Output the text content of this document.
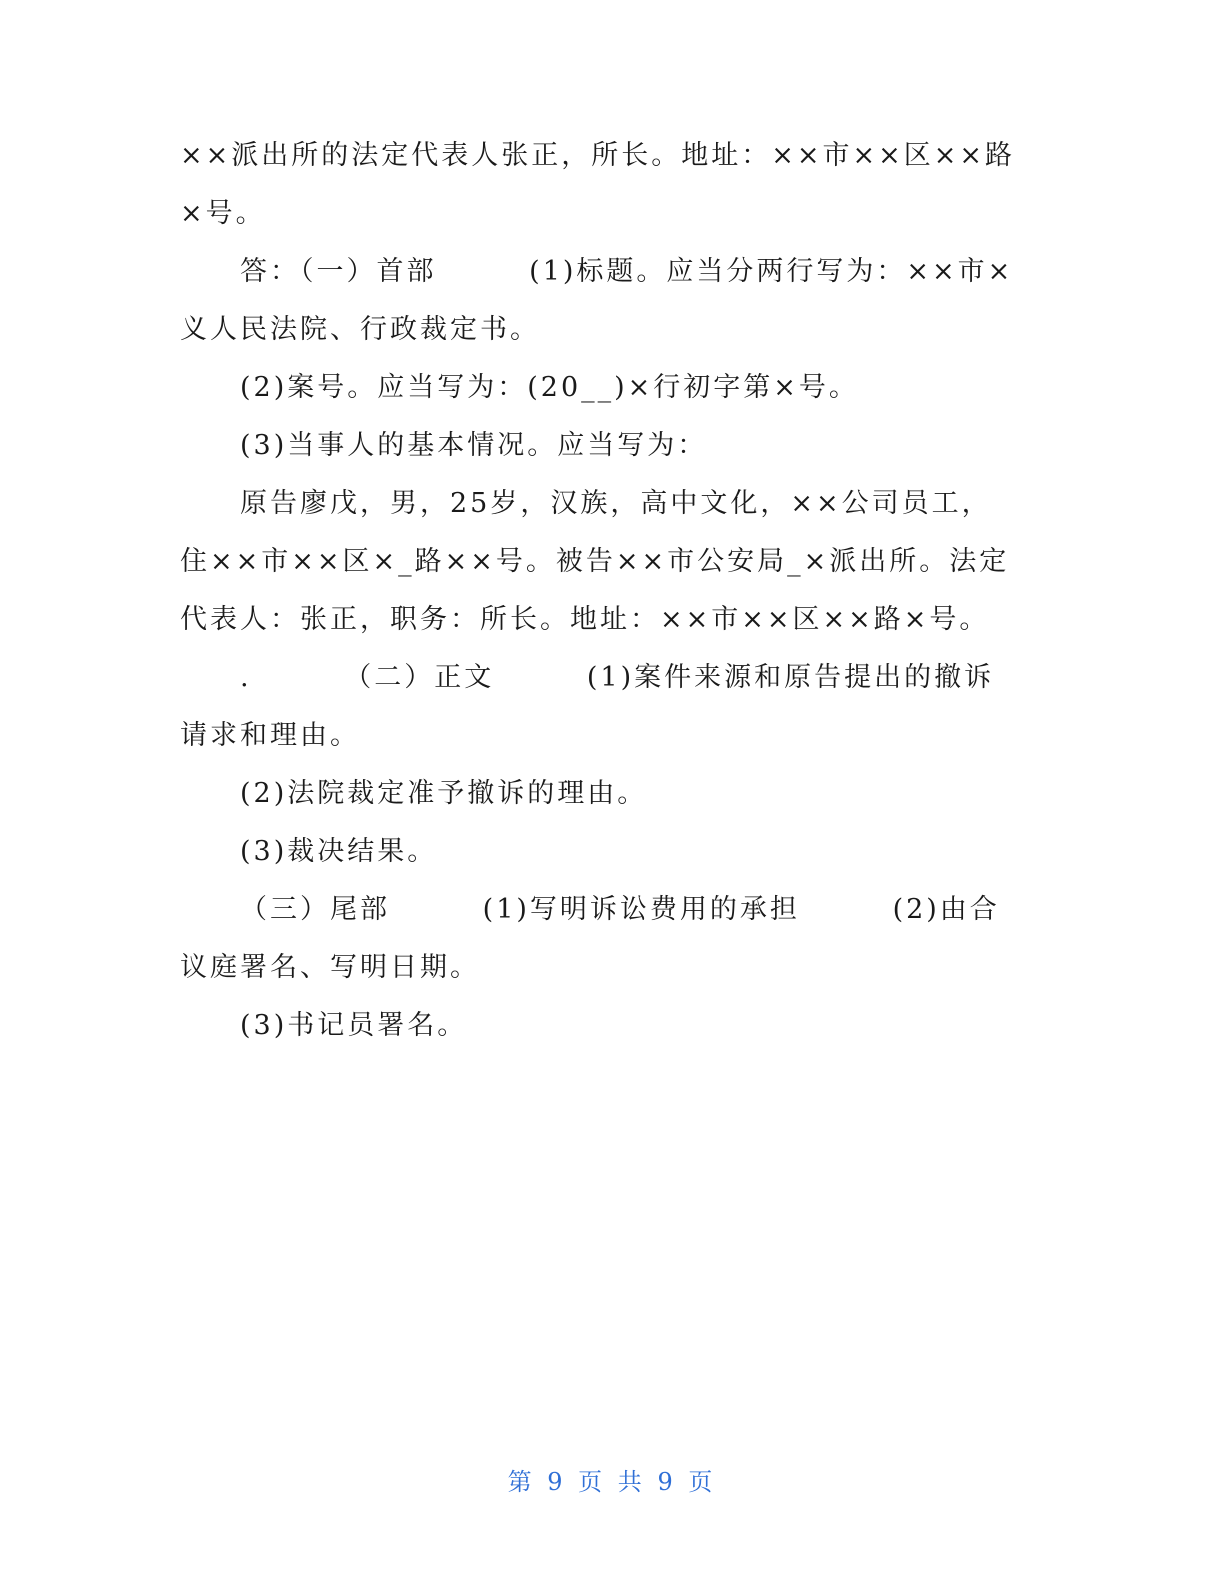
××派出所的法定代表人张正，所长。地址：××市××区××路×号。

答：（一）首部        (1)标题。应当分两行写为：××市×义人民法院、行政裁定书。

(2)案号。应当写为：(20__)×行初字第×号。

(3)当事人的基本情况。应当写为：

原告廖戊，男，25岁，汉族，高中文化，××公司员工，住××市××区×_路××号。被告××市公安局_×派出所。法定代表人：张正，职务：所长。地址：××市××区××路×号。

.        （二）正文        (1)案件来源和原告提出的撤诉请求和理由。

(2)法院裁定准予撤诉的理由。

(3)裁决结果。

（三）尾部        (1)写明诉讼费用的承担        (2)由合议庭署名、写明日期。

(3)书记员署名。

第 9 页 共 9 页
